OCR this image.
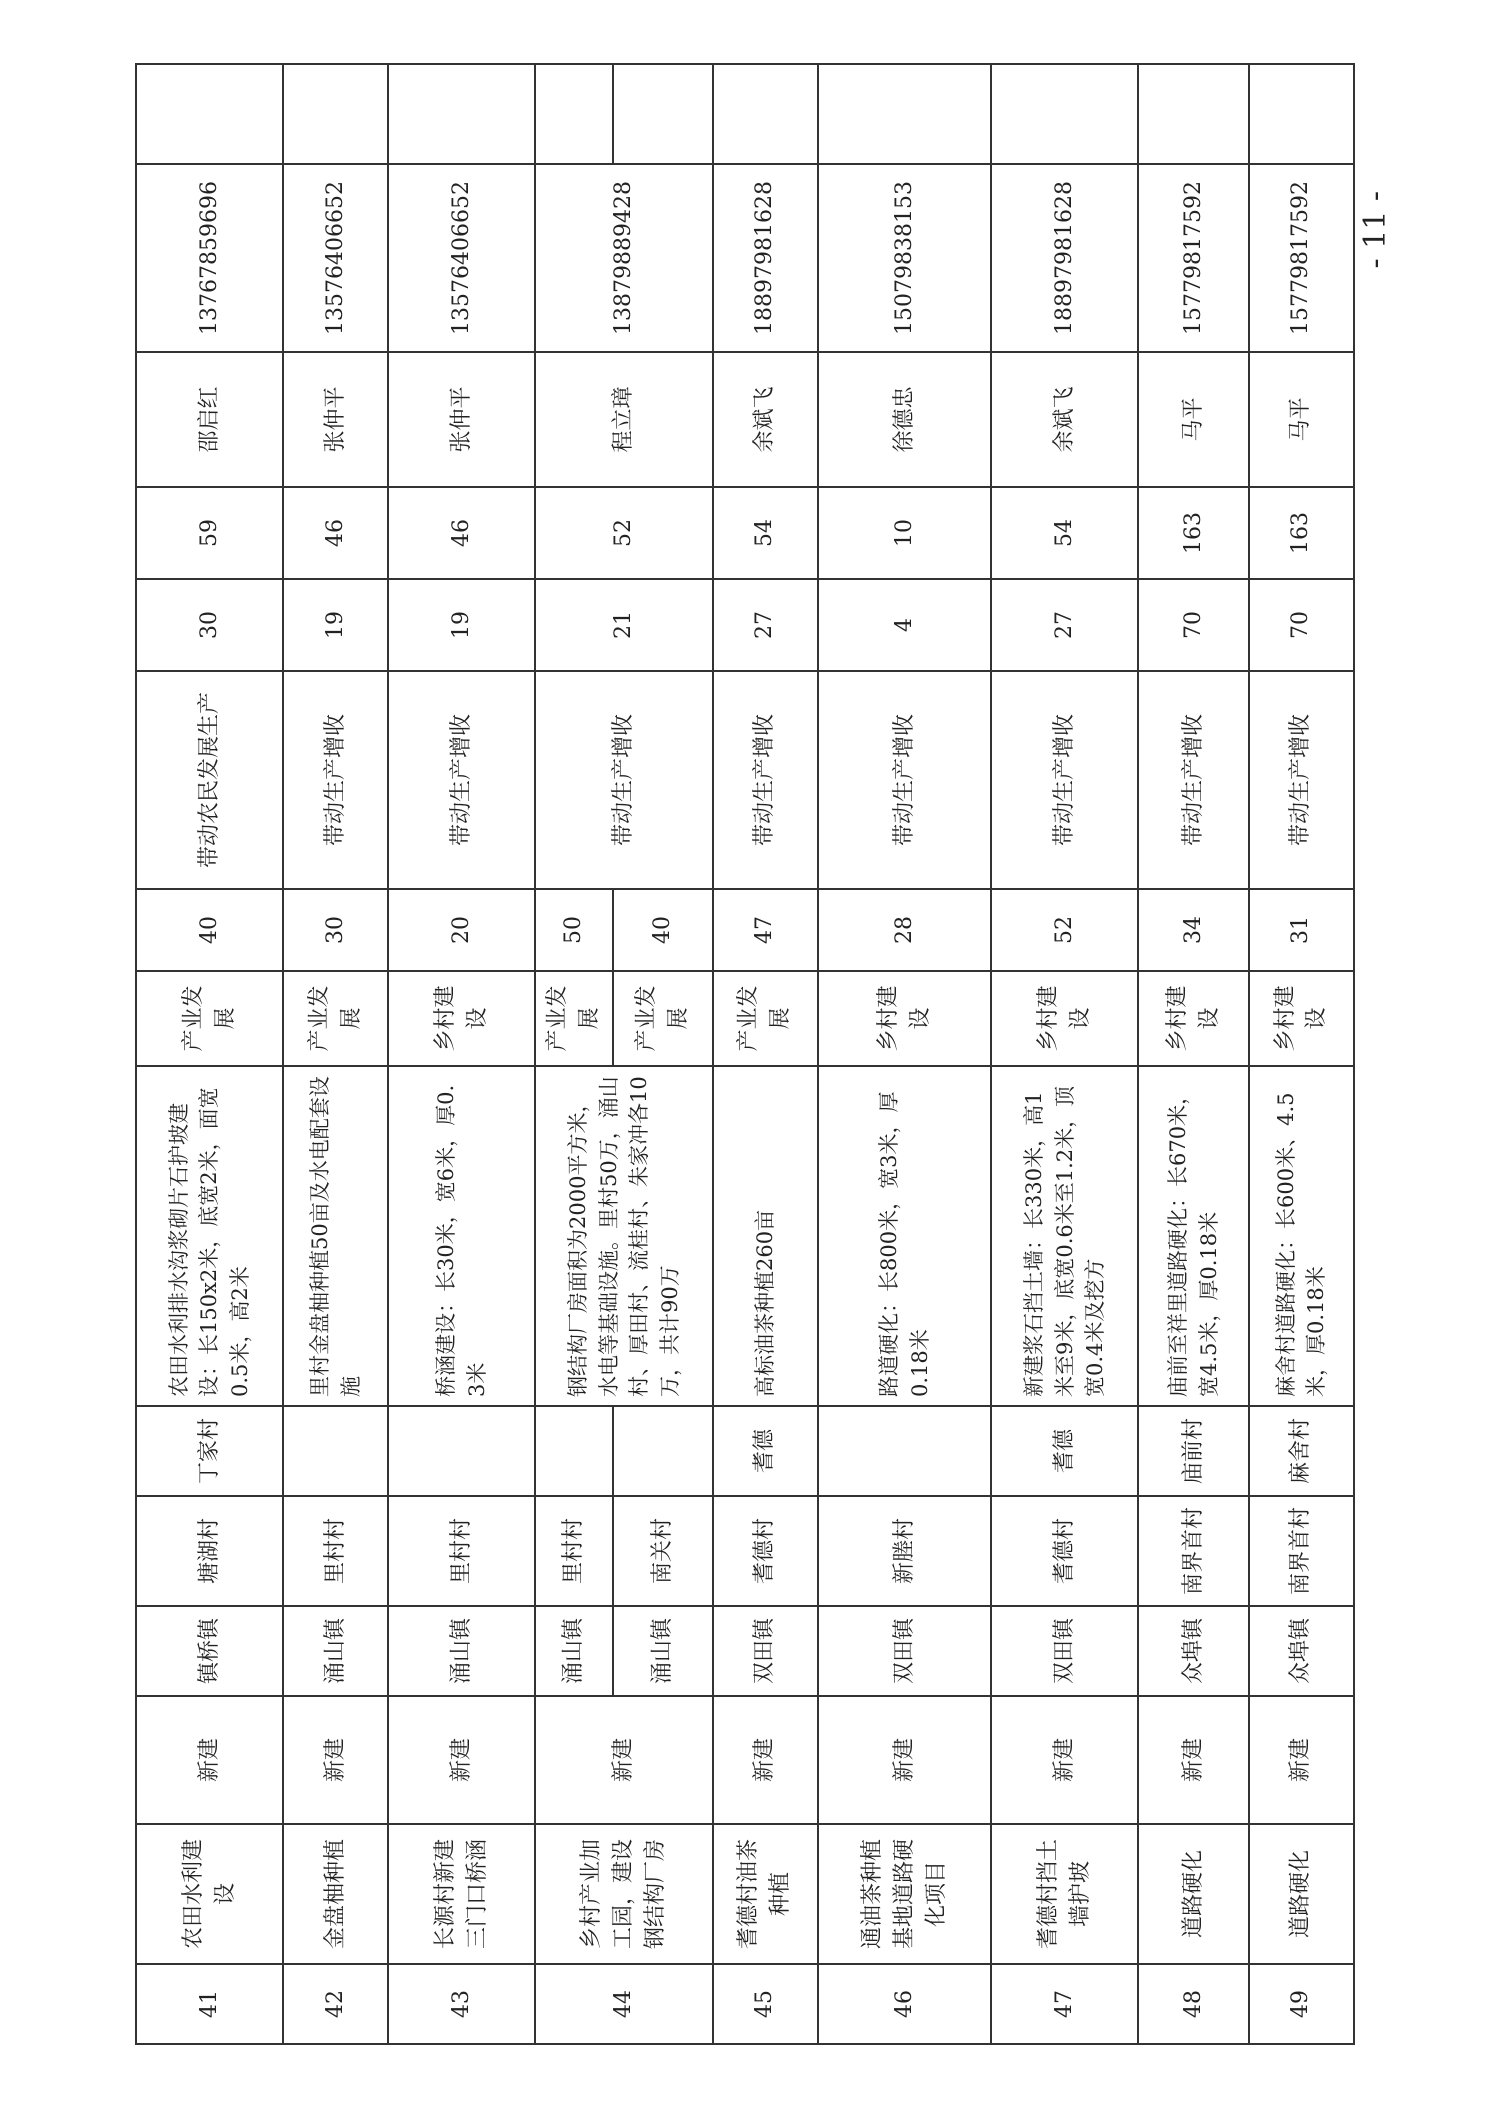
- 11 -
41	农田水利建设	新建	镇桥镇	塘湖村	丁家村	农田水利排水沟浆砌片石护坡建设：长150x2米，底宽2米，面宽0.5米，高2米	产业发展	40	带动农民发展生产	30	59	邵启红	13767859696	
42	金盘柚种植	新建	涌山镇	里村村		里村金盘柚种植50亩及水电配套设施	产业发展	30	带动生产增收	19	46	张仲平	13576406652	
43	长源村新建三门口桥涵	新建	涌山镇	里村村		桥涵建设：长30米，宽6米，厚0.3米	乡村建设	20	带动生产增收	19	46	张仲平	13576406652	
44	乡村产业加工园，建设钢结构厂房	新建	涌山镇	里村村		钢结构厂房面积为2000平方米，水电等基础设施。里村50万，涌山村、厚田村、流桂村、朱家冲各10万，共计90万	产业发展	50	带动生产增收	21	52	程立璋	13879889428	
			涌山镇	南关村			产业发展	40						
45	耆德村油茶种植	新建	双田镇	耆德村	耆德	高标油茶种植260亩	产业发展	47	带动生产增收	27	54	余斌飞	18897981628	
46	通油茶种植基地道路硬化项目	新建	双田镇	新塍村		路道硬化：长800米，宽3米，厚0.18米	乡村建设	28	带动生产增收	4	10	徐德忠	15079838153	
47	耆德村挡土墙护坡	新建	双田镇	耆德村	耆德	新建浆石挡土墙：长330米，高1米至9米，底宽0.6米至1.2米，顶宽0.4米及挖方	乡村建设	52	带动生产增收	27	54	余斌飞	18897981628	
48	道路硬化	新建	众埠镇	南界首村	庙前村	庙前至祥里道路硬化：长670米，宽4.5米，厚0.18米	乡村建设	34	带动生产增收	70	163	马平	15779817592	
49	道路硬化	新建	众埠镇	南界首村	麻舍村	麻舍村道路硬化：长600米、4.5米，厚0.18米	乡村建设	31	带动生产增收	70	163	马平	15779817592	
